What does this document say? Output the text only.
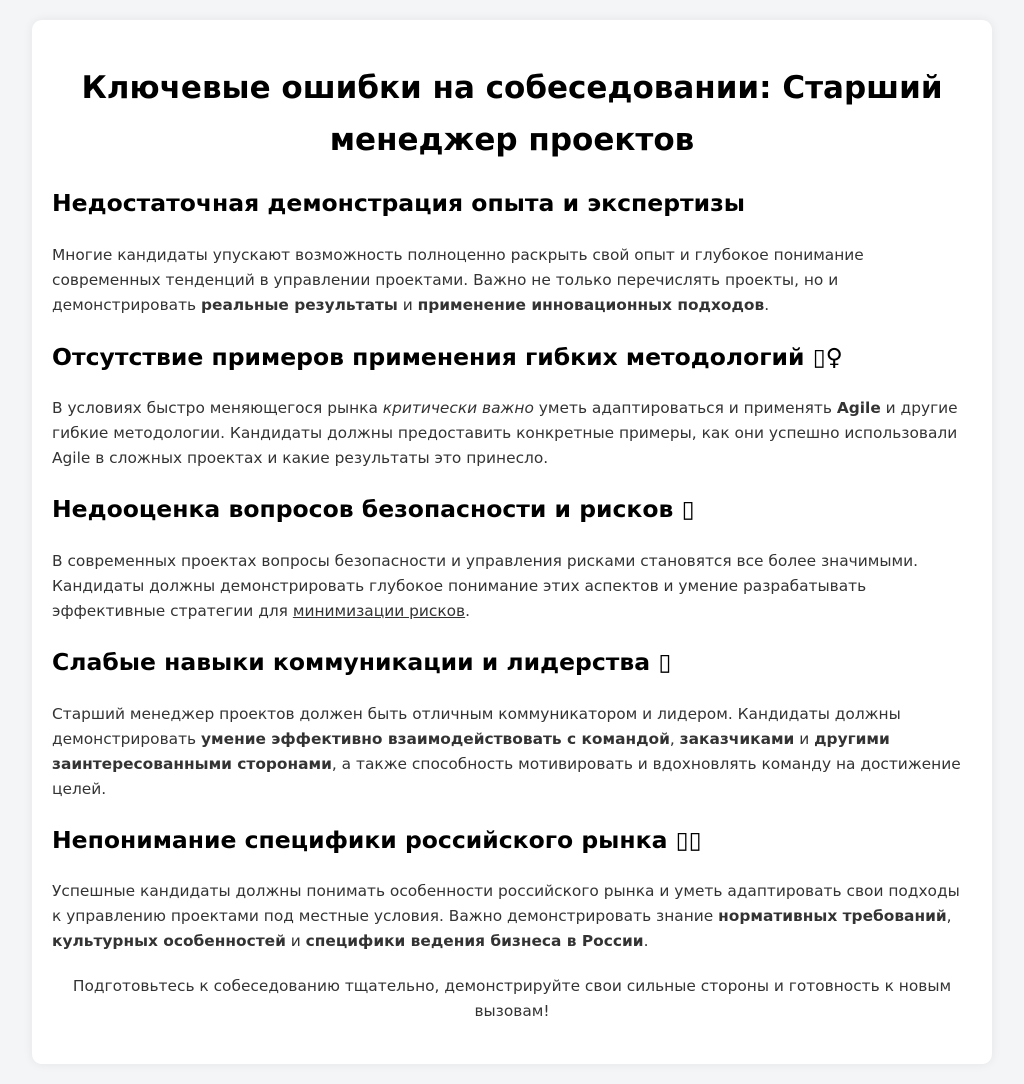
Ключевые ошибки на собеседовании: Старший менеджер проектов
Недостаточная демонстрация опыта и экспертизы

Многие кандидаты упускают возможность полноценно раскрыть свой опыт и глубокое понимание современных тенденций в управлении проектами. Важно не только перечислять проекты, но и демонстрировать реальные результаты и применение инновационных подходов.

Отсутствие примеров применения гибких методологий ▯♀

В условиях быстро меняющегося рынка критически важно уметь адаптироваться и применять Agile и другие гибкие методологии. Кандидаты должны предоставить конкретные примеры, как они успешно использовали Agile в сложных проектах и какие результаты это принесло.

Недооценка вопросов безопасности и рисков ▯

В современных проектах вопросы безопасности и управления рисками становятся все более значимыми. Кандидаты должны демонстрировать глубокое понимание этих аспектов и умение разрабатывать эффективные стратегии для минимизации рисков.

Слабые навыки коммуникации и лидерства ▯

Старший менеджер проектов должен быть отличным коммуникатором и лидером. Кандидаты должны демонстрировать умение эффективно взаимодействовать с командой, заказчиками и другими заинтересованными сторонами, а также способность мотивировать и вдохновлять команду на достижение целей.

Непонимание специфики российского рынка ▯▯

Успешные кандидаты должны понимать особенности российского рынка и уметь адаптировать свои подходы к управлению проектами под местные условия. Важно демонстрировать знание нормативных требований, культурных особенностей и специфики ведения бизнеса в России.

Подготовьтесь к собеседованию тщательно, демонстрируйте свои сильные стороны и готовность к новым вызовам!
